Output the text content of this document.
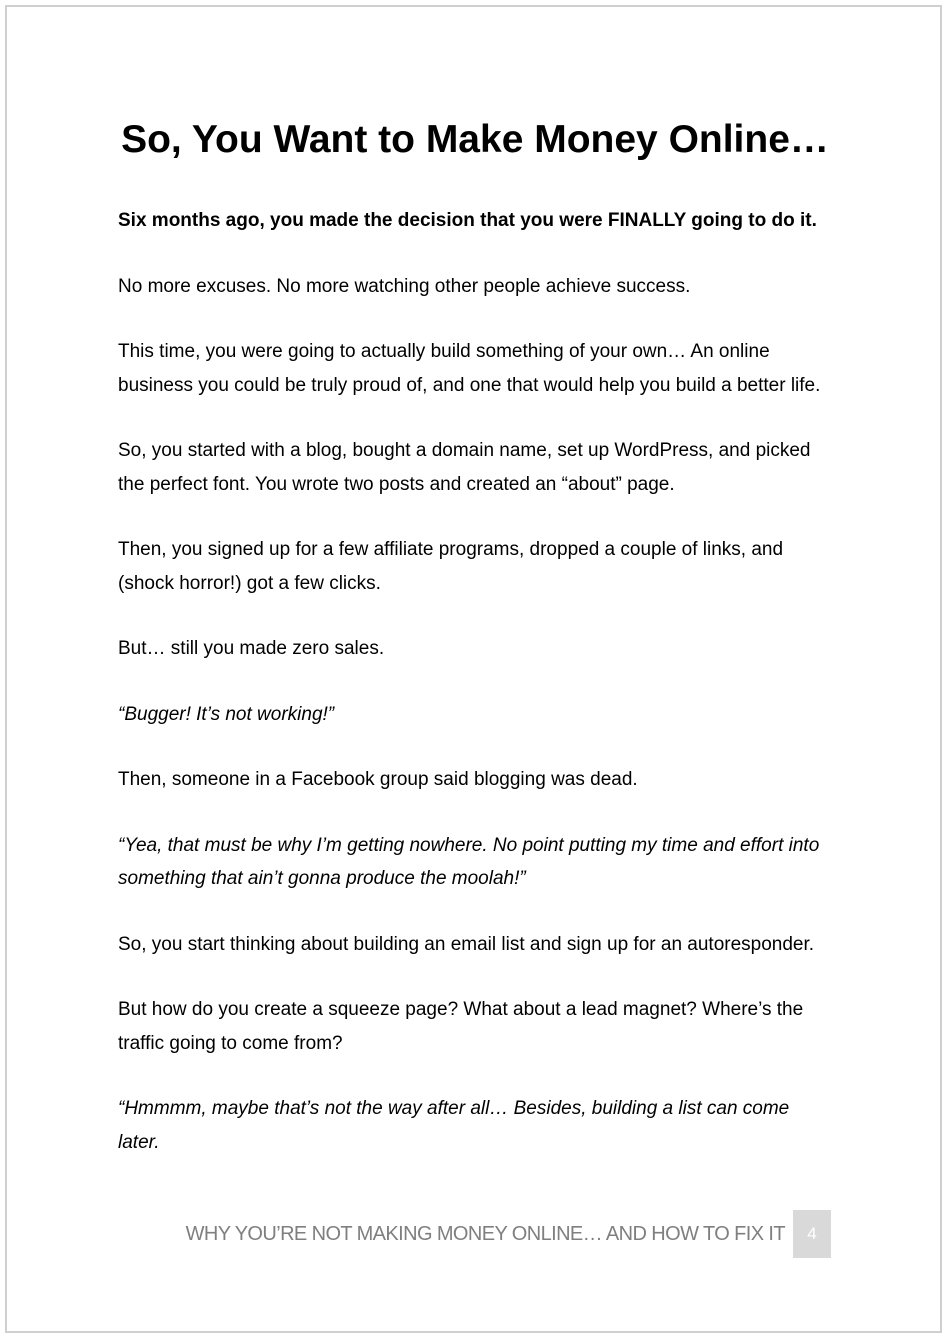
So, You Want to Make Money Online…

Six months ago, you made the decision that you were FINALLY going to do it.

No more excuses. No more watching other people achieve success.

This time, you were going to actually build something of your own… An online business you could be truly proud of, and one that would help you build a better life.

So, you started with a blog, bought a domain name, set up WordPress, and picked the perfect font. You wrote two posts and created an “about” page.

Then, you signed up for a few affiliate programs, dropped a couple of links, and (shock horror!) got a few clicks.

But… still you made zero sales.

“Bugger! It’s not working!”

Then, someone in a Facebook group said blogging was dead.

“Yea, that must be why I’m getting nowhere. No point putting my time and effort into something that ain’t gonna produce the moolah!”

So, you start thinking about building an email list and sign up for an autoresponder.

But how do you create a squeeze page? What about a lead magnet? Where’s the traffic going to come from?

“Hmmmm, maybe that’s not the way after all… Besides, building a list can come later.

WHY YOU’RE NOT MAKING MONEY ONLINE… AND HOW TO FIX IT	4
